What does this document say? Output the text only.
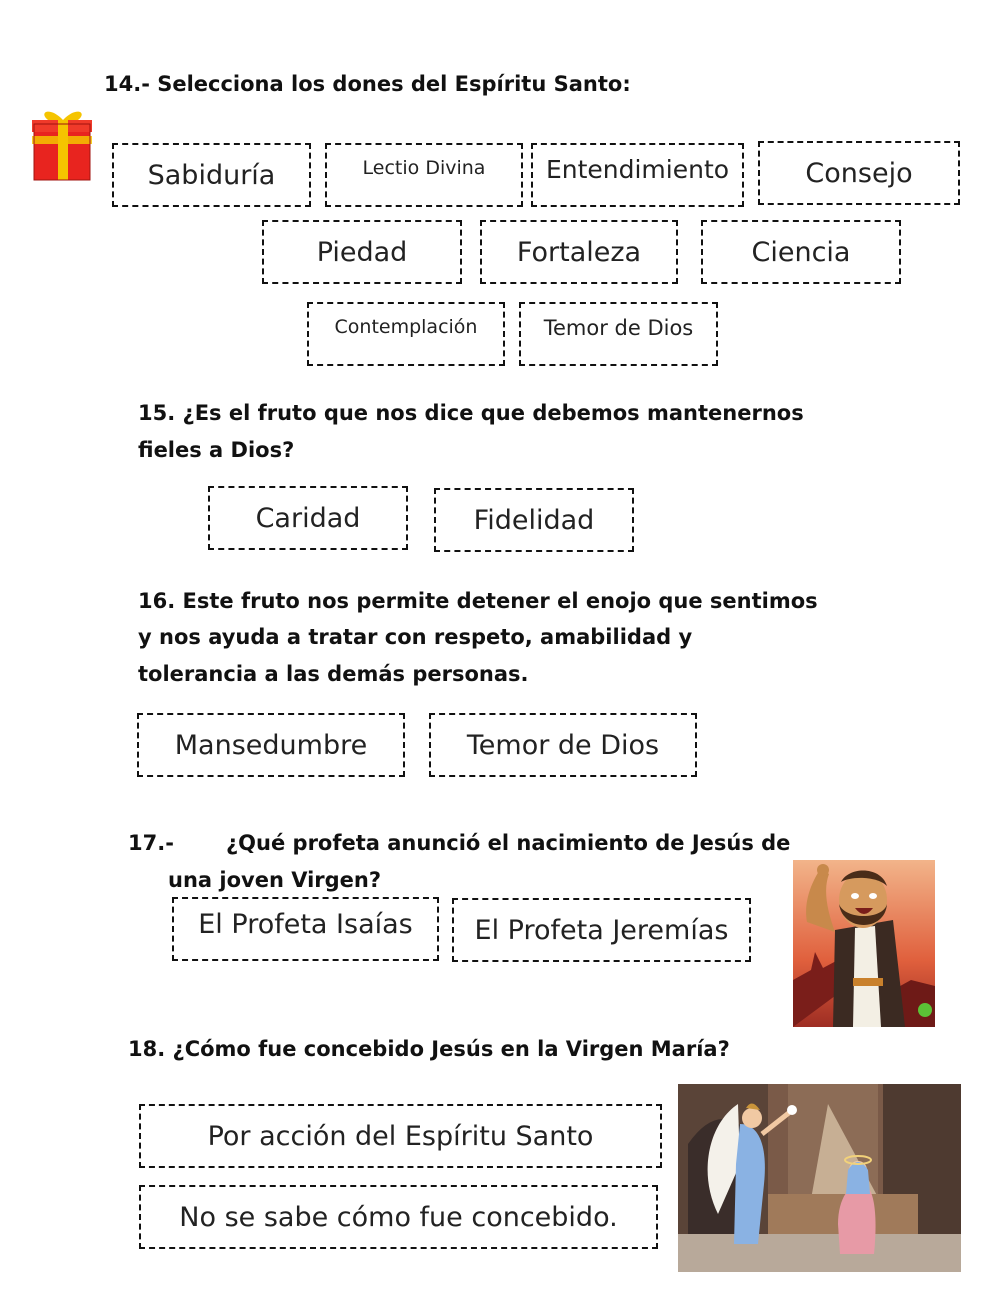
14.- Selecciona los dones del Espíritu Santo:
Sabiduría	Lectio Divina	Entendimiento	Consejo
Piedad	Fortaleza	Ciencia
Contemplación	Temor de Dios
15. ¿Es el fruto que nos dice que debemos mantenernos
fieles a Dios?
Caridad	Fidelidad
16. Este fruto nos permite detener el enojo que sentimos
y nos ayuda a tratar con respeto, amabilidad y
tolerancia a las demás personas.
Mansedumbre	Temor de Dios
17.- ¿Qué profeta anunció el nacimiento de Jesús de
una joven Virgen?
El Profeta Isaías	El Profeta Jeremías
18. ¿Cómo fue concebido Jesús en la Virgen María?
Por acción del Espíritu Santo
No se sabe cómo fue concebido.
